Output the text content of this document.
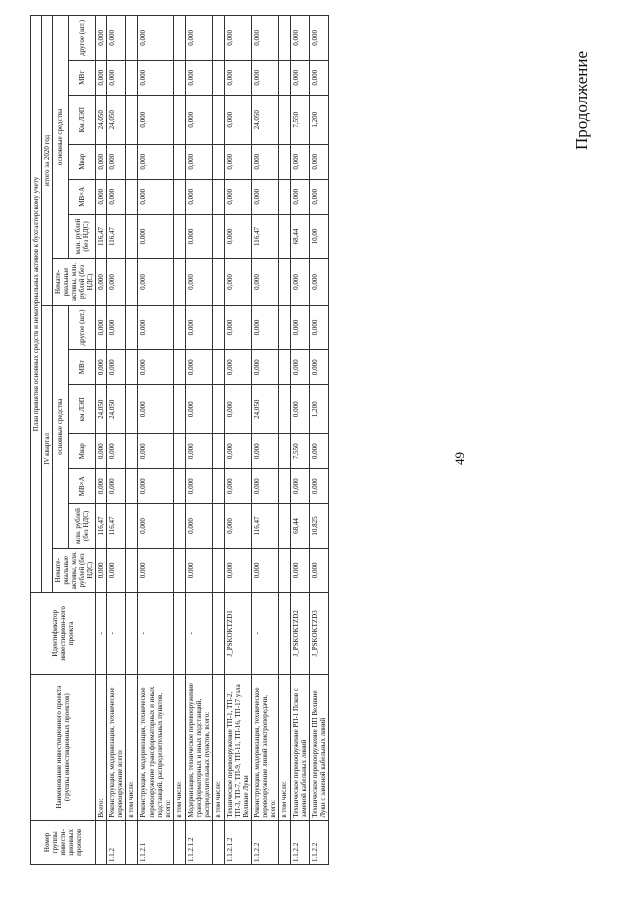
49
Продолжение
Номер группы инвести-ционных проектов	Наименование инвестиционного проекта (группы инвестиционных проектов)	Идентификатор инвестицион-ного проекта	План принятия основных средств и нематериальных активов к бухгалтерскому учету													
			IV квартал							итого за 2020 год						
			Немате-риальные активы, млн. рублей (без НДС)	основные средства						Немате-риальные активы, млн. рублей (без НДС)	основные средства					
				млн. рублей (без НДС)	МВ×А	Мвар	км ЛЭП	МВт	другое (шт.)		млн. рублей (без НДС)	МВ×А	Мвар	Км ЛЭП	МВт	другое (шт.)
	Всего:	-	0,000	116,47	0,000	0,000	24,050	0,000	0,000	0,000	116,47	0,000	0,000	24,050	0,000	0,000
1.1.2	Реконструкция, модернизация, техническое перевооружение всего:	-	0,000	116,47	0,000	0,000	24,050	0,000	0,000	0,000	116,47	0,000	0,000	24,050	0,000	0,000
	в том числе:															
1.1.2.1	Реконструкция, модернизация, техническое перевооружение трансформаторных и иных подстанций, распределительных пунктов, всего:	-	0,000	0,000	0,000	0,000	0,000	0,000	0,000	0,000	0,000	0,000	0,000	0,000	0,000	0,000
	в том числе:															
1.1.2.1.2	Модернизация, техническое перевооружение трансформаторных и иных подстанций, распределительных пунктов, всего:	-	0,000	0,000	0,000	0,000	0,000	0,000	0,000	0,000	0,000	0,000	0,000	0,000	0,000	0,000
	в том числе:															
1.1.2.1.2	Техническое перевооружение ТП-1, ТП-2, ТП-3, ТП-7, ТП-9, ТП-11, ТП-16, ТП-17 узла Великие Луки	J_PSKOKTZD1	0,000	0,000	0,000	0,000	0,000	0,000	0,000	0,000	0,000	0,000	0,000	0,000	0,000	0,000
1.1.2.2	Реконструкция, модернизация, техническое перевооружение линий электропередачи, всего:	-	0,000	116,47	0,000	0,000	24,050	0,000	0,000	0,000	116,47	0,000	0,000	24,050	0,000	0,000
	в том числе:															
1.1.2.2	Техническое перевооружение РП-1 Псков с заменой кабельных линий	J_PSKOKTZD2	0,000	68,44	0,000	7,550	0,000	0,000	0,000	0,000	68,44	0,000	0,000	7,550	0,000	0,000
1.1.2.2	Техническое перевооружение ПП Великие Луки с заменой кабельных линий	J_PSKOKTZD3	0,000	10,825	0,000	0,000	1,200	0,000	0,000	0,000	10,00	0,000	0,000	1,200	0,000	0,000
